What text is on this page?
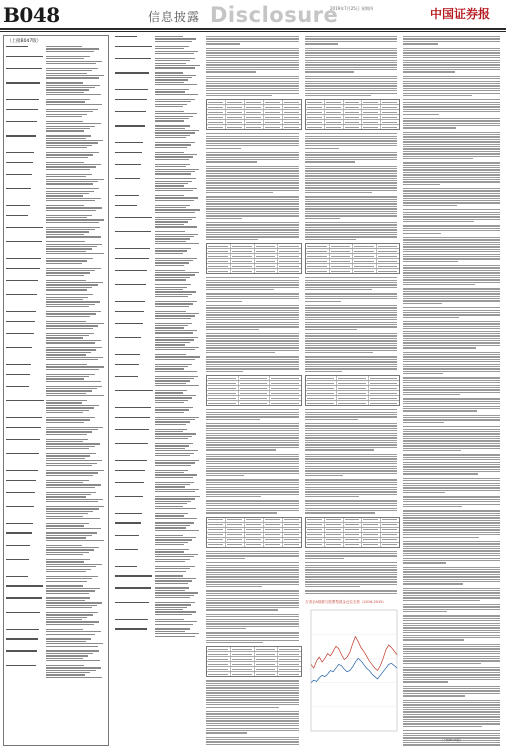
B048	信息披露 Disclosure
2019年7月25日 星期四	中国证券报
（上接B047版）
万得全A指数与股票型基金仓位走势（2016-2019）
（下转B049版）
